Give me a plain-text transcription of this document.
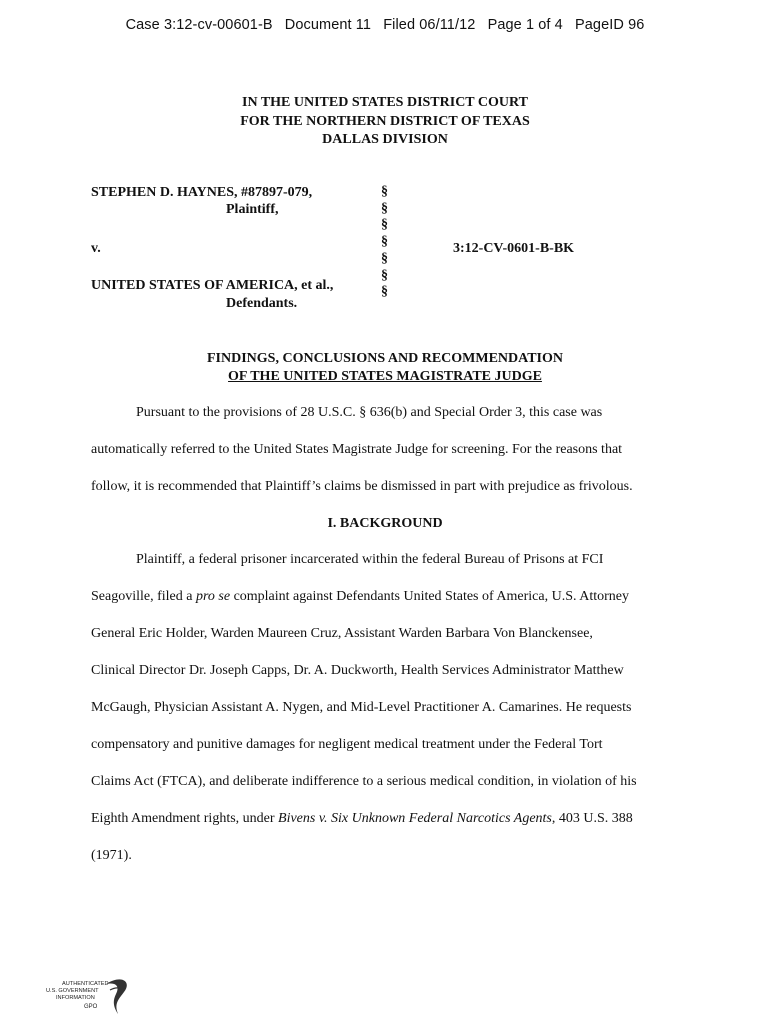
Case 3:12-cv-00601-B Document 11 Filed 06/11/12 Page 1 of 4 PageID 96
IN THE UNITED STATES DISTRICT COURT
FOR THE NORTHERN DISTRICT OF TEXAS
DALLAS DIVISION
STEPHEN D. HAYNES, #87897-079,
Plaintiff,
v.
UNITED STATES OF AMERICA, et al.,
Defendants.
§
§
§
§
§
§
§
3:12-CV-0601-B-BK
FINDINGS, CONCLUSIONS AND RECOMMENDATION
OF THE UNITED STATES MAGISTRATE JUDGE
Pursuant to the provisions of 28 U.S.C. § 636(b) and Special Order 3, this case was
automatically referred to the United States Magistrate Judge for screening. For the reasons that
follow, it is recommended that Plaintiff’s claims be dismissed in part with prejudice as frivolous.
I. BACKGROUND
Plaintiff, a federal prisoner incarcerated within the federal Bureau of Prisons at FCI
Seagoville, filed a pro se complaint against Defendants United States of America, U.S. Attorney
General Eric Holder, Warden Maureen Cruz, Assistant Warden Barbara Von Blanckensee,
Clinical Director Dr. Joseph Capps, Dr. A. Duckworth, Health Services Administrator Matthew
McGaugh, Physician Assistant A. Nygen, and Mid-Level Practitioner A. Camarines. He requests
compensatory and punitive damages for negligent medical treatment under the Federal Tort
Claims Act (FTCA), and deliberate indifference to a serious medical condition, in violation of his
Eighth Amendment rights, under Bivens v. Six Unknown Federal Narcotics Agents, 403 U.S. 388
(1971).
AUTHENTICATED
U.S. GOVERNMENT
INFORMATION
GPO
